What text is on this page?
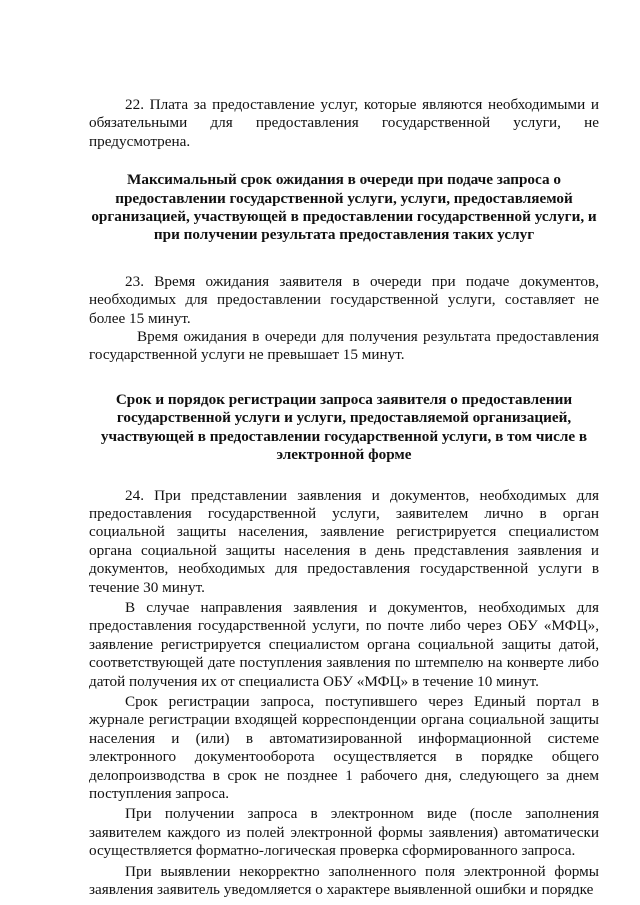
22. Плата за предоставление услуг, которые являются необходимыми и обязательными для предоставления государственной услуги, не предусмотрена.

Максимальный срок ожидания в очереди при подаче запроса о предоставлении государственной услуги, услуги, предоставляемой организацией, участвующей в предоставлении государственной услуги, и при получении результата предоставления таких услуг

23. Время ожидания заявителя в очереди при подаче документов, необходимых для предоставлении государственной услуги, составляет не более 15 минут.

Время ожидания в очереди для получения результата предоставления государственной услуги не превышает 15 минут.

Срок и порядок регистрации запроса заявителя о предоставлении государственной услуги и услуги, предоставляемой организацией, участвующей в предоставлении государственной услуги, в том числе в электронной форме

24. При представлении заявления и документов, необходимых для предоставления государственной услуги, заявителем лично в орган социальной защиты населения, заявление регистрируется специалистом органа социальной защиты населения в день представления заявления и документов, необходимых для предоставления государственной услуги в течение 30 минут.

В случае направления заявления и документов, необходимых для предоставления государственной услуги, по почте либо через ОБУ «МФЦ», заявление регистрируется специалистом органа социальной защиты датой, соответствующей дате поступления заявления по штемпелю на конверте либо датой получения их от специалиста ОБУ «МФЦ» в течение 10 минут.

Срок регистрации запроса, поступившего через Единый портал в журнале регистрации входящей корреспонденции органа социальной защиты населения и (или) в автоматизированной информационной системе электронного документооборота осуществляется в порядке общего делопроизводства в срок не позднее 1 рабочего дня, следующего за днем поступления запроса.

При получении запроса в электронном виде (после заполнения заявителем каждого из полей электронной формы заявления) автоматически осуществляется форматно-логическая проверка сформированного запроса.

При выявлении некорректно заполненного поля электронной формы заявления заявитель уведомляется о характере выявленной ошибки и порядке
